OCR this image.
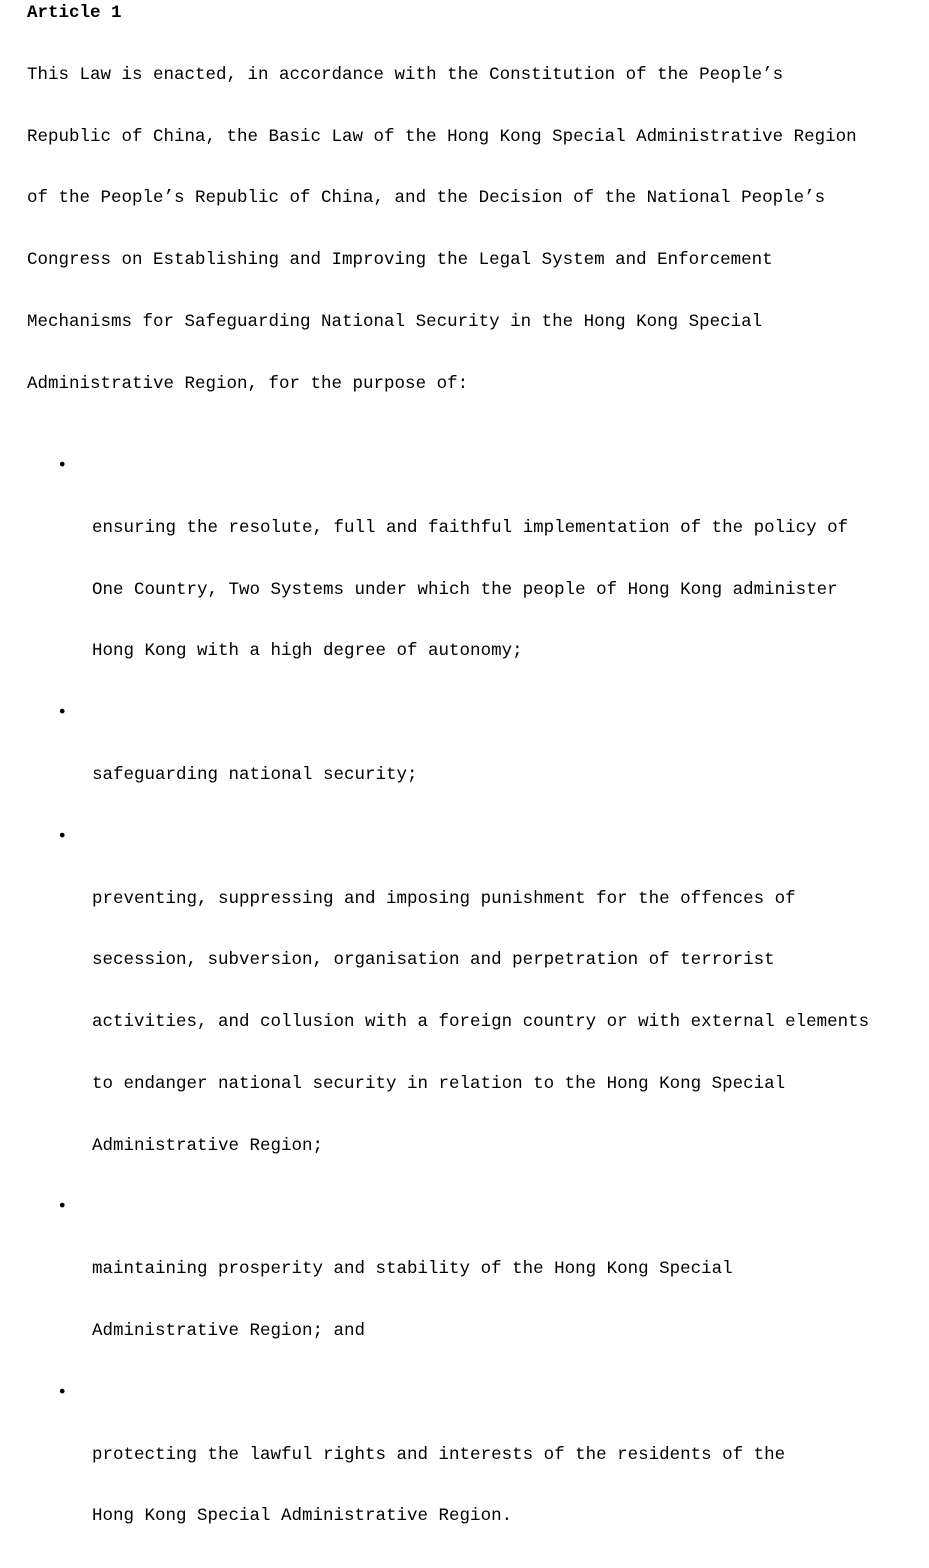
Article 1

This Law is enacted, in accordance with the Constitution of the People’s

Republic of China, the Basic Law of the Hong Kong Special Administrative Region

of the People’s Republic of China, and the Decision of the National People’s

Congress on Establishing and Improving the Legal System and Enforcement

Mechanisms for Safeguarding National Security in the Hong Kong Special

Administrative Region, for the purpose of:

•

ensuring the resolute, full and faithful implementation of the policy of

One Country, Two Systems under which the people of Hong Kong administer

Hong Kong with a high degree of autonomy;

•

safeguarding national security;

•

preventing, suppressing and imposing punishment for the offences of

secession, subversion, organisation and perpetration of terrorist

activities, and collusion with a foreign country or with external elements

to endanger national security in relation to the Hong Kong Special

Administrative Region;

•

maintaining prosperity and stability of the Hong Kong Special

Administrative Region; and

•

protecting the lawful rights and interests of the residents of the

Hong Kong Special Administrative Region.
